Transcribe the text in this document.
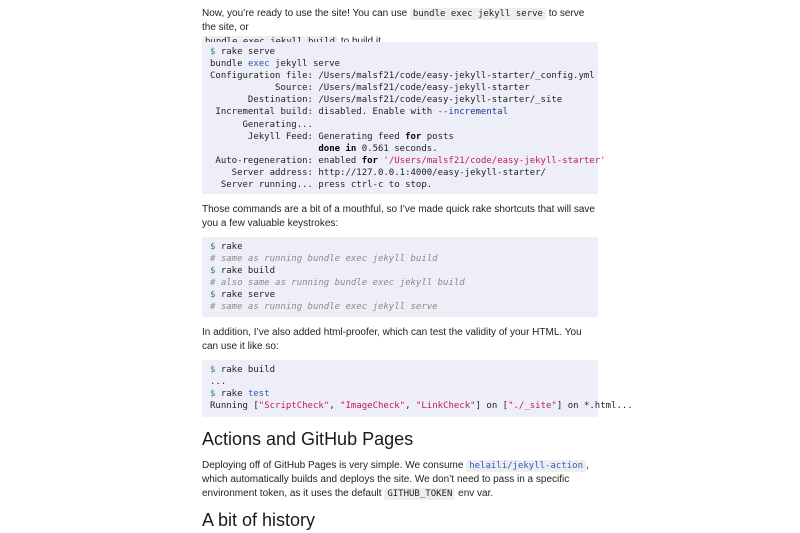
Now, you’re ready to use the site! You can use bundle exec jekyll serve to serve the site, or

$ rake serve
bundle exec jekyll serve
Configuration file: /Users/malsf21/code/easy-jekyll-starter/_config.yml
Source: /Users/malsf21/code/easy-jekyll-starter
Destination: /Users/malsf21/code/easy-jekyll-starter/_site
Incremental build: disabled. Enable with --incremental
Generating...
Jekyll Feed: Generating feed for posts
done in 0.561 seconds.
Auto-regeneration: enabled for '/Users/malsf21/code/easy-jekyll-starter'
Server address: http://127.0.0.1:4000/easy-jekyll-starter/
Server running... press ctrl-c to stop.

Those commands are a bit of a mouthful, so I’ve made quick rake shortcuts that will save you a few valuable keystrokes:

$ rake
# same as running bundle exec jekyll build
$ rake build
# also same as running bundle exec jekyll build
$ rake serve
# same as running bundle exec jekyll serve

In addition, I’ve also added html-proofer, which can test the validity of your HTML. You can use it like so:

$ rake build
...
$ rake test
Running ["ScriptCheck", "ImageCheck", "LinkCheck"] on ["./_site"] on *.html...
Actions and GitHub Pages

Deploying off of GitHub Pages is very simple. We consume helaili/jekyll-action , which automatically builds and deploys the site. We don’t need to pass in a specific environment token, as it uses the default GITHUB_TOKEN env var.

A bit of history
